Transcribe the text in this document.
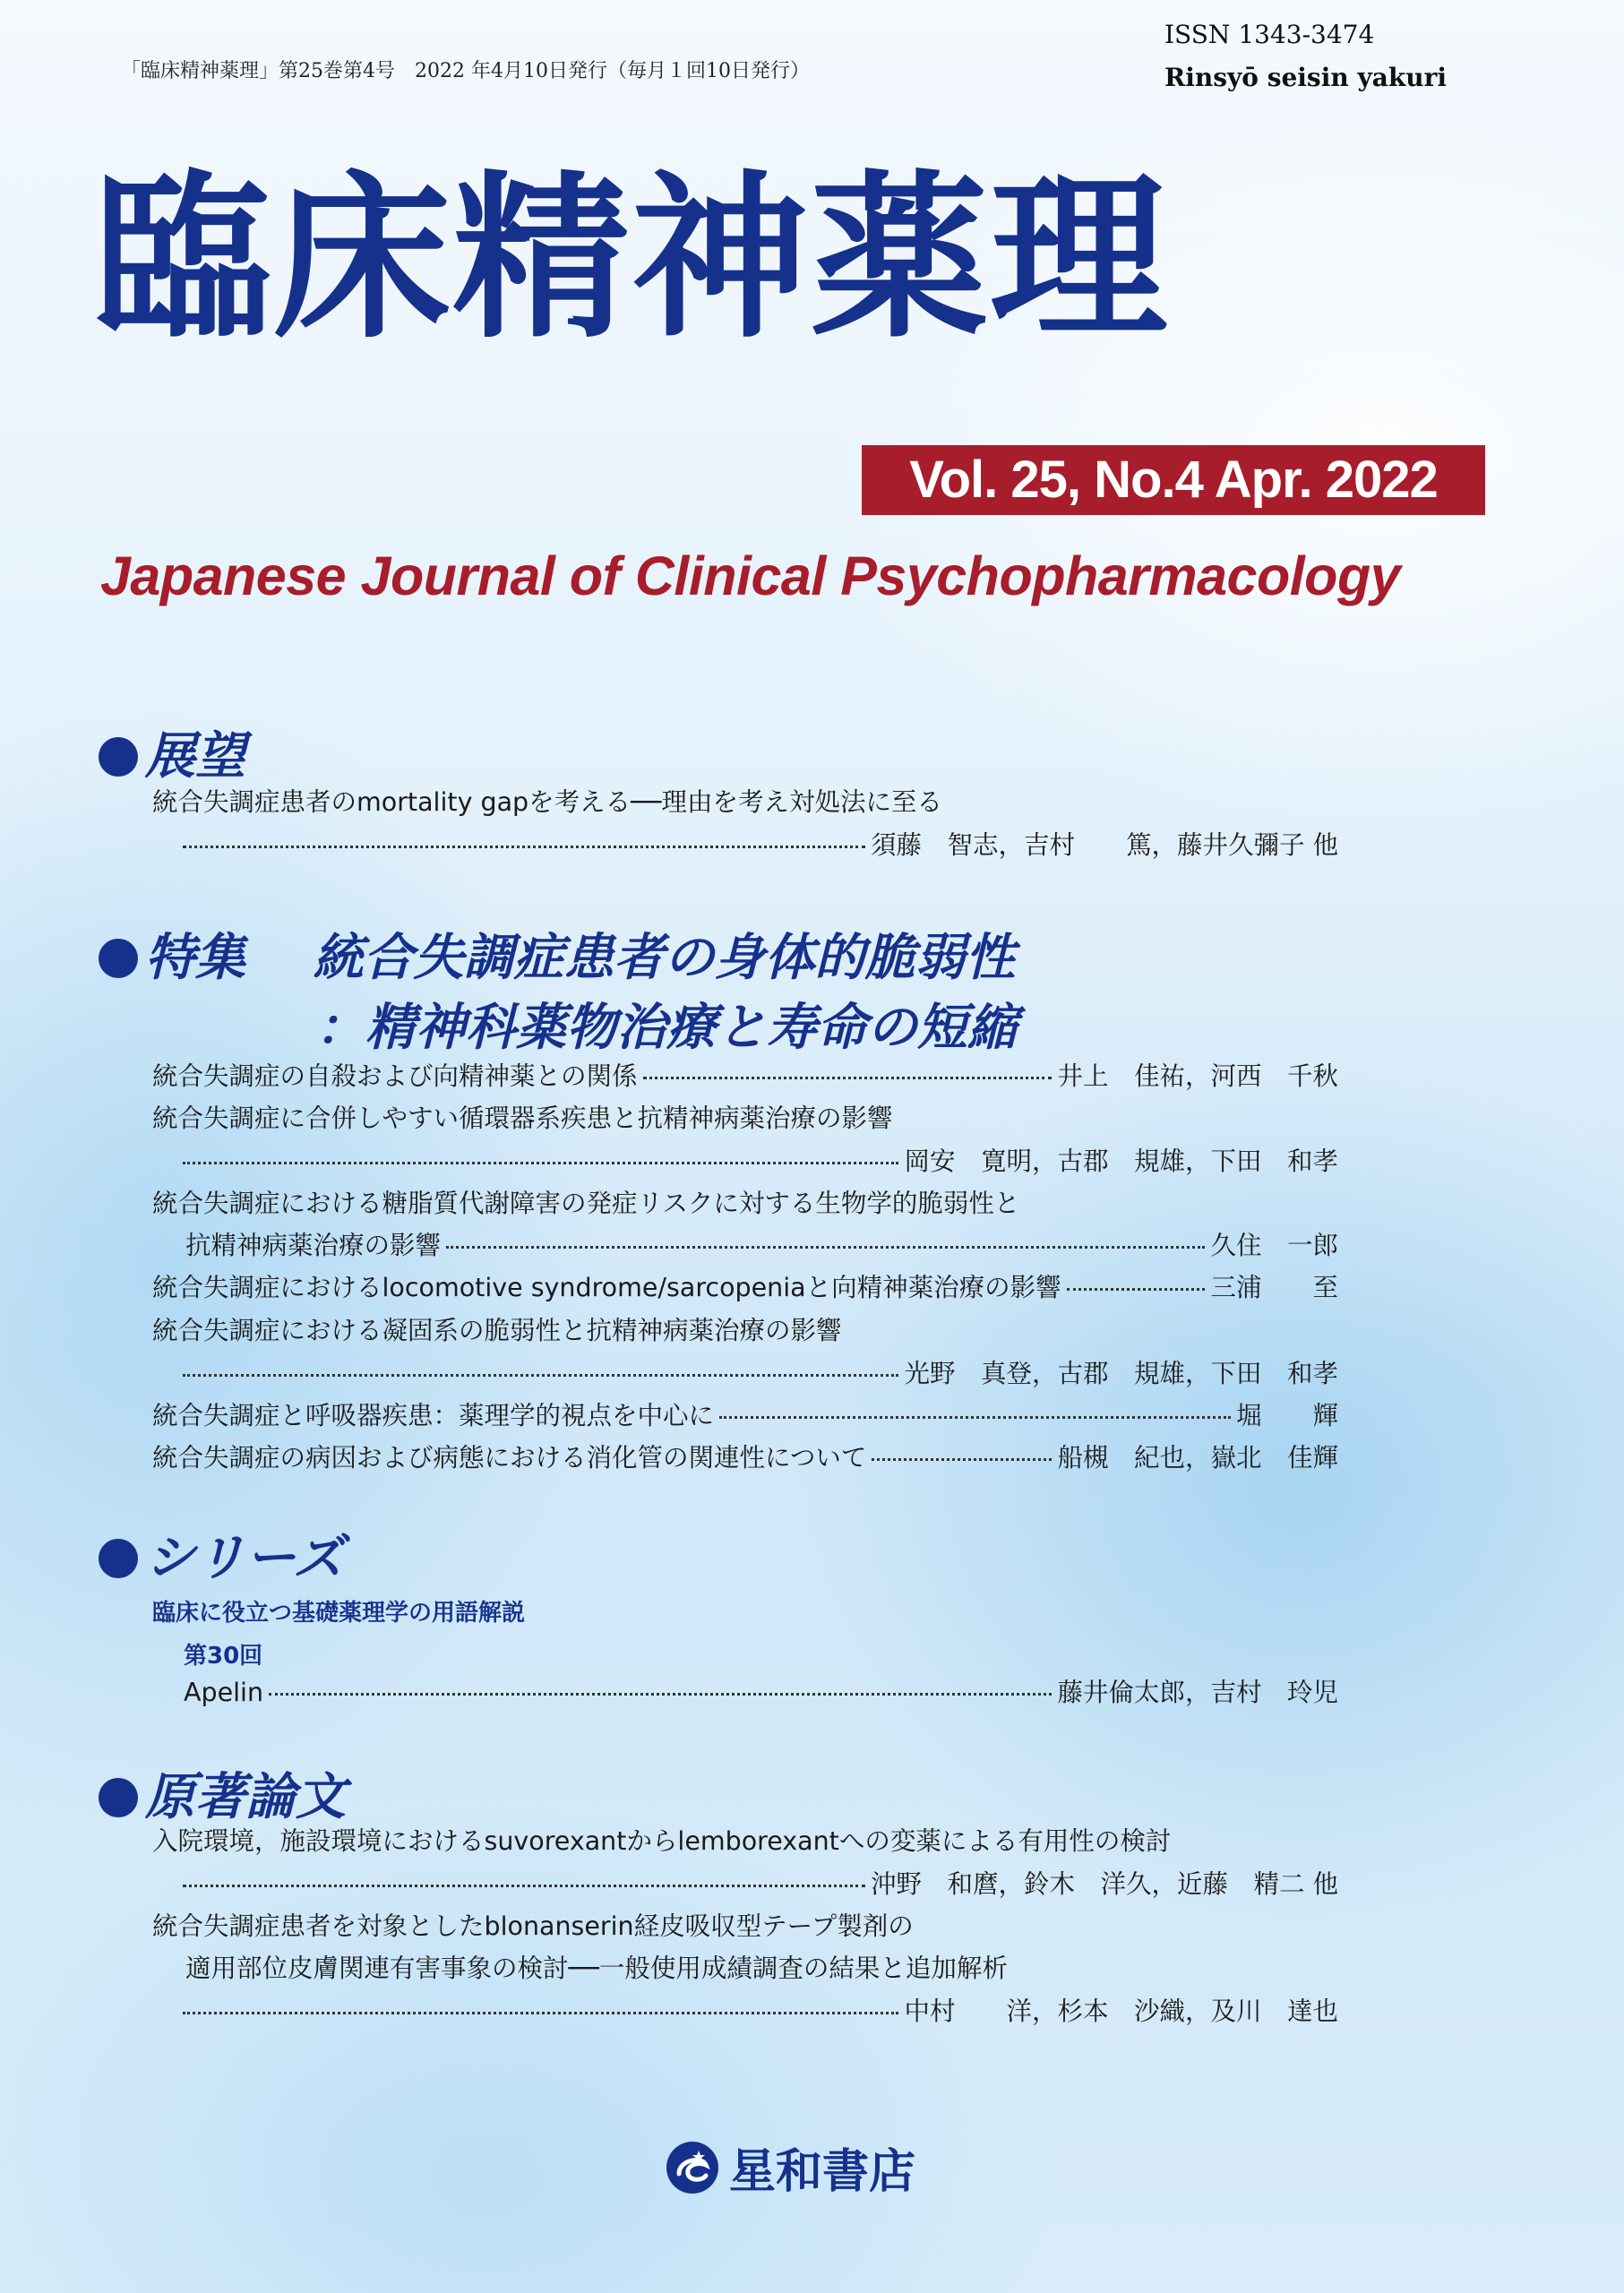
「臨床精神薬理」第25巻第4号　2022 年4月10日発行（毎月１回10日発行）
ISSN 1343-3474
Rinsyō seisin yakuri
臨床精神薬理
Vol. 25, No.4 Apr. 2022
Japanese Journal of Clinical Psychopharmacology
展望
統合失調症患者のmortality gapを考える──理由を考え対処法に至る
須藤　智志，吉村　　篤，藤井久彌子 他
特集　 統合失調症患者の身体的脆弱性
：精神科薬物治療と寿命の短縮
統合失調症の自殺および向精神薬との関係	井上　佳祐，河西　千秋
統合失調症に合併しやすい循環器系疾患と抗精神病薬治療の影響
岡安　寛明，古郡　規雄，下田　和孝
統合失調症における糖脂質代謝障害の発症リスクに対する生物学的脆弱性と
抗精神病薬治療の影響	久住　一郎
統合失調症におけるlocomotive syndrome/sarcopeniaと向精神薬治療の影響	三浦　　至
統合失調症における凝固系の脆弱性と抗精神病薬治療の影響
光野　真登，古郡　規雄，下田　和孝
統合失調症と呼吸器疾患：薬理学的視点を中心に	堀　　輝
統合失調症の病因および病態における消化管の関連性について	船槻　紀也，嶽北　佳輝
シリーズ
臨床に役立つ基礎薬理学の用語解説
第30回
Apelin	藤井倫太郎，吉村　玲児
原著論文
入院環境，施設環境におけるsuvorexantからlemborexantへの変薬による有用性の検討
沖野　和麿，鈴木　洋久，近藤　精二 他
統合失調症患者を対象としたblonanserin経皮吸収型テープ製剤の
適用部位皮膚関連有害事象の検討──一般使用成績調査の結果と追加解析
中村　　洋，杉本　沙織，及川　達也
星和書店
